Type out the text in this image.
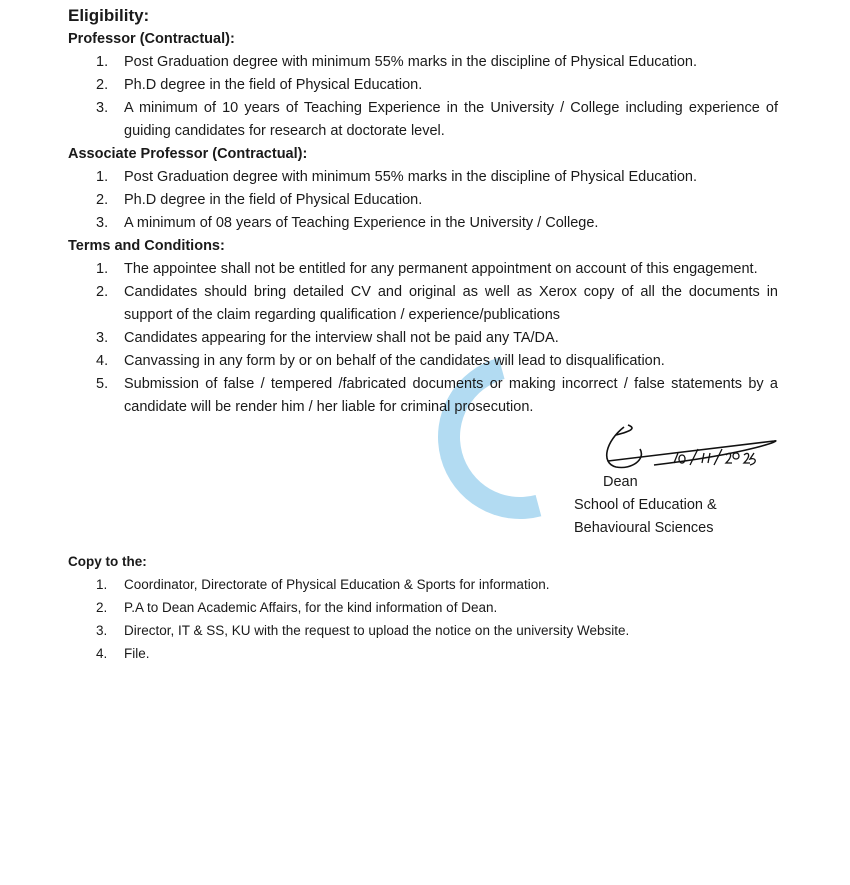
Eligibility:
Professor (Contractual):
1. Post Graduation degree with minimum 55% marks in the discipline of Physical Education.
2. Ph.D degree in the field of Physical Education.
3. A minimum of 10 years of Teaching Experience in the University / College including experience of guiding candidates for research at doctorate level.
Associate Professor (Contractual):
1. Post Graduation degree with minimum 55% marks in the discipline of Physical Education.
2. Ph.D degree in the field of Physical Education.
3. A minimum of 08 years of Teaching Experience in the University / College.
Terms and Conditions:
1. The appointee shall not be entitled for any permanent appointment on account of this engagement.
2. Candidates should bring detailed CV and original as well as Xerox copy of all the documents in support of the claim regarding qualification / experience/publications
3. Candidates appearing for the interview shall not be paid any TA/DA.
4. Canvassing in any form by or on behalf of the candidates will lead to disqualification.
5. Submission of false / tempered /fabricated documents or making incorrect / false statements by a candidate will be render him / her liable for criminal prosecution.
Dean
School of Education &
Behavioural Sciences
Copy to the:
1. Coordinator, Directorate of Physical Education & Sports for information.
2. P.A to Dean Academic Affairs, for the kind information of Dean.
3. Director, IT & SS, KU with the request to upload the notice on the university Website.
4. File.
